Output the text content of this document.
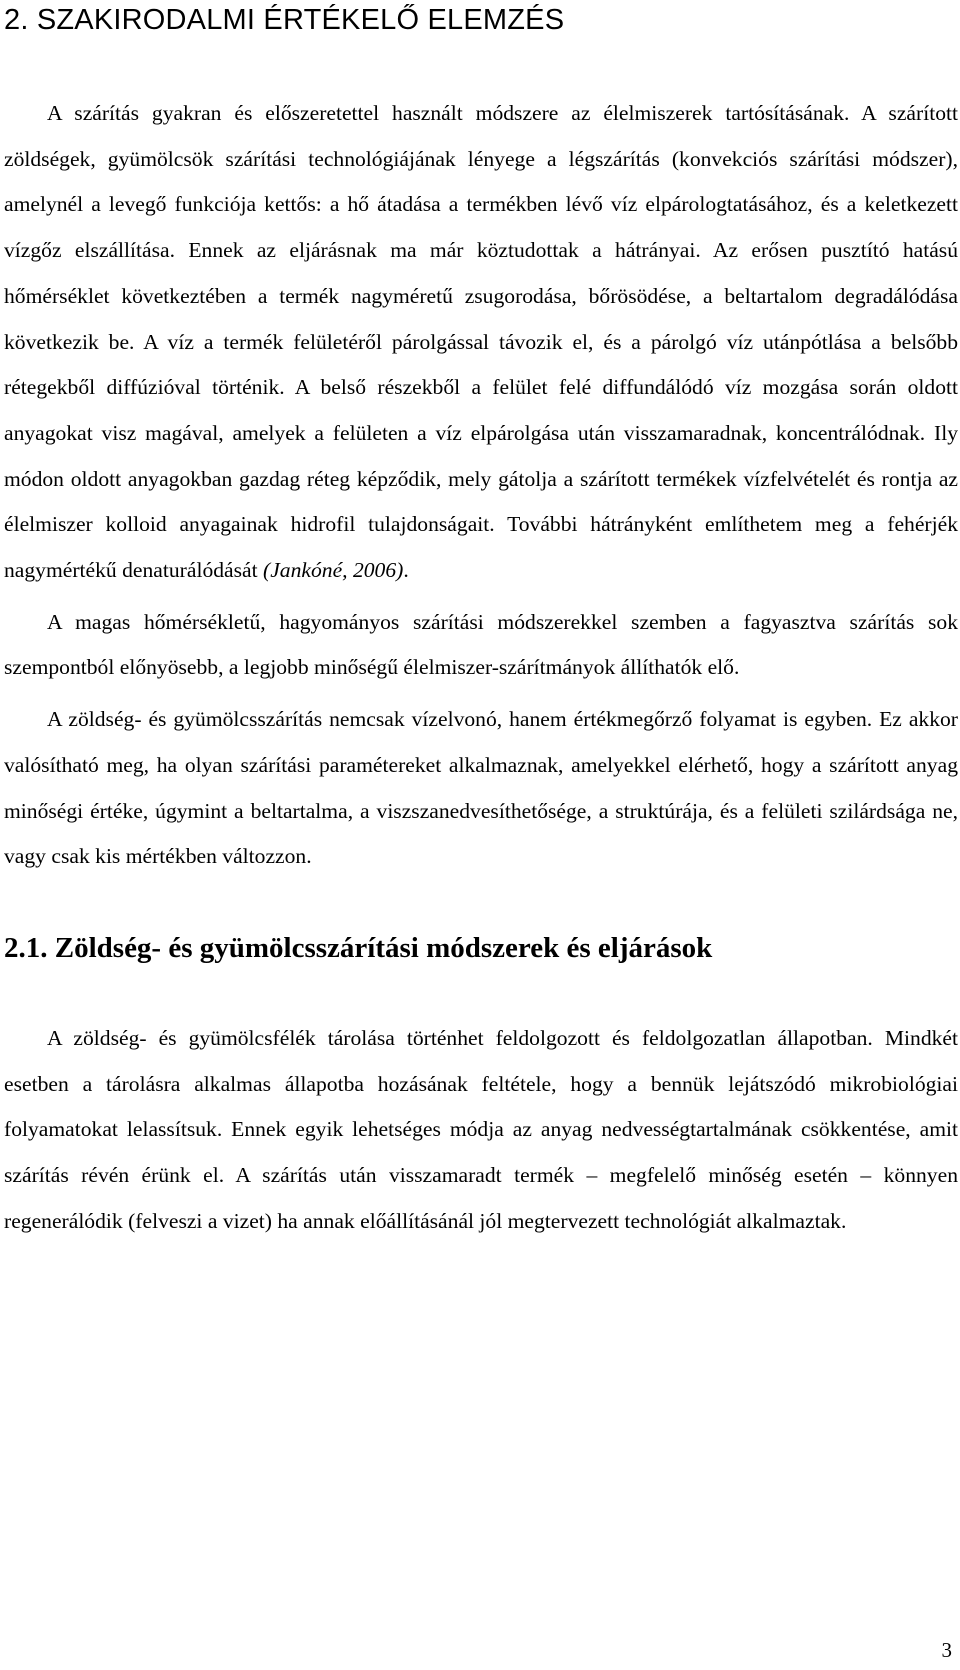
2. SZAKIRODALMI ÉRTÉKELŐ ELEMZÉS

A szárítás gyakran és előszeretettel használt módszere az élelmiszerek tartósításának. A szárított zöldségek, gyümölcsök szárítási technológiájának lényege a légszárítás (konvekciós szárítási módszer), amelynél a levegő funkciója kettős: a hő átadása a termékben lévő víz elpárologtatásához, és a keletkezett vízgőz elszállítása. Ennek az eljárásnak ma már köztudottak a hátrányai. Az erősen pusztító hatású hőmérséklet következtében a termék nagyméretű zsugorodása, bőrösödése, a beltartalom degradálódása következik be. A víz a termék felületéről párolgással távozik el, és a párolgó víz utánpótlása a belsőbb rétegekből diffúzióval történik. A belső részekből a felület felé diffundálódó víz mozgása során oldott anyagokat visz magával, amelyek a felületen a víz elpárolgása után visszamaradnak, koncentrálódnak. Ily módon oldott anyagokban gazdag réteg képződik, mely gátolja a szárított termékek vízfelvételét és rontja az élelmiszer kolloid anyagainak hidrofil tulajdonságait. További hátrányként említhetem meg a fehérjék nagymértékű denaturálódását (Jankóné, 2006).

A magas hőmérsékletű, hagyományos szárítási módszerekkel szemben a fagyasztva szárítás sok szempontból előnyösebb, a legjobb minőségű élelmiszer-szárítmányok állíthatók elő.

A zöldség- és gyümölcsszárítás nemcsak vízelvonó, hanem értékmegőrző folyamat is egyben. Ez akkor valósítható meg, ha olyan szárítási paramétereket alkalmaznak, amelyekkel elérhető, hogy a szárított anyag minőségi értéke, úgymint a beltartalma, a viszszanedvesíthetősége, a struktúrája, és a felületi szilárdsága ne, vagy csak kis mértékben változzon.

2.1. Zöldség- és gyümölcsszárítási módszerek és eljárások

A zöldség- és gyümölcsfélék tárolása történhet feldolgozott és feldolgozatlan állapotban. Mindkét esetben a tárolásra alkalmas állapotba hozásának feltétele, hogy a bennük lejátszódó mikrobiológiai folyamatokat lelassítsuk. Ennek egyik lehetséges módja az anyag nedvességtartalmának csökkentése, amit szárítás révén érünk el. A szárítás után visszamaradt termék – megfelelő minőség esetén – könnyen regenerálódik (felveszi a vizet) ha annak előállításánál jól megtervezett technológiát alkalmaztak.

3
